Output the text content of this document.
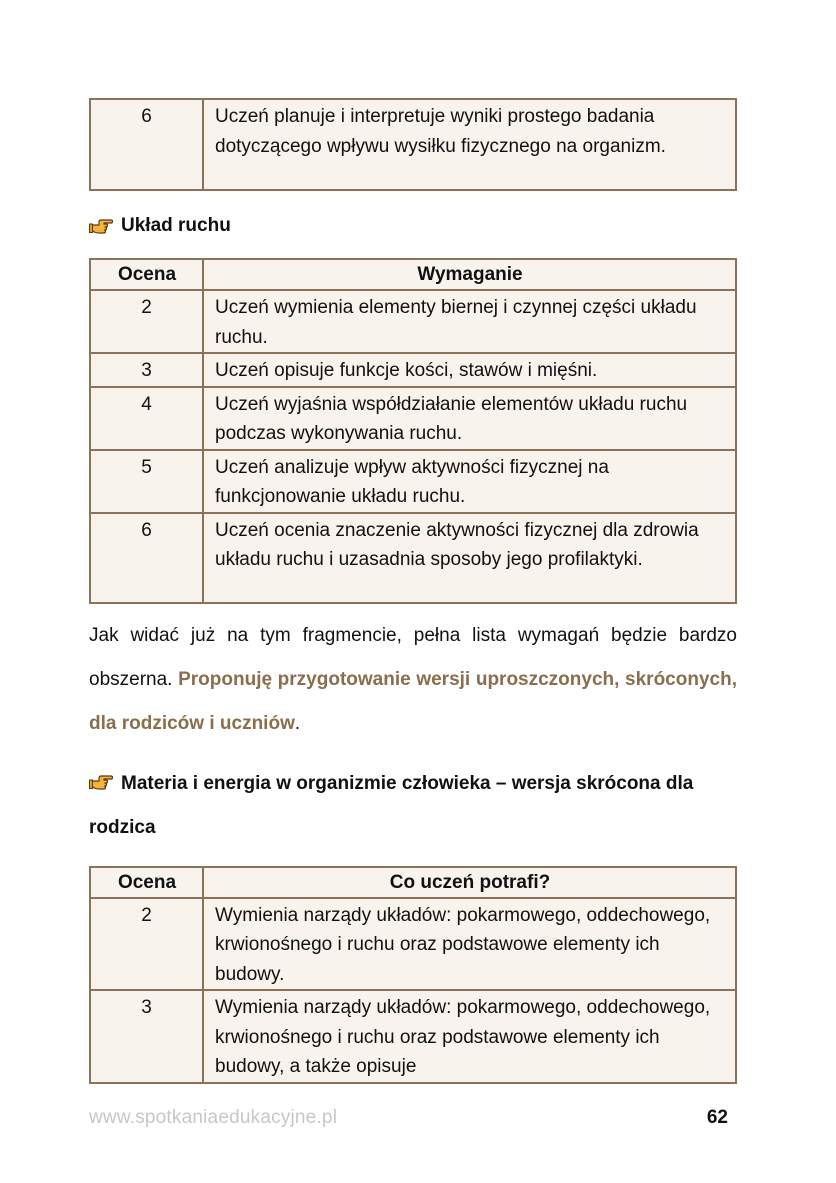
6	Uczeń planuje i interpretuje wyniki prostego badania dotyczącego wpływu wysiłku fizycznego na organizm.
Układ ruchu
Ocena	Wymaganie
2	Uczeń wymienia elementy biernej i czynnej części układu ruchu.
3	Uczeń opisuje funkcje kości, stawów i mięśni.
4	Uczeń wyjaśnia współdziałanie elementów układu ruchu podczas wykonywania ruchu.
5	Uczeń analizuje wpływ aktywności fizycznej na funkcjonowanie układu ruchu.
6	Uczeń ocenia znaczenie aktywności fizycznej dla zdrowia układu ruchu i uzasadnia sposoby jego profilaktyki.

Jak widać już na tym fragmencie, pełna lista wymagań będzie bardzo obszerna. Proponuję przygotowanie wersji uproszczonych, skróconych, dla rodziców i uczniów.

Materia i energia w organizmie człowieka – wersja skrócona dla rodzica
Ocena	Co uczeń potrafi?
2	Wymienia narządy układów: pokarmowego, oddechowego, krwionośnego i ruchu oraz podstawowe elementy ich budowy.
3	Wymienia narządy układów: pokarmowego, oddechowego, krwionośnego i ruchu oraz podstawowe elementy ich budowy, a także opisuje
www.spotkaniaedukacyjne.pl	62
